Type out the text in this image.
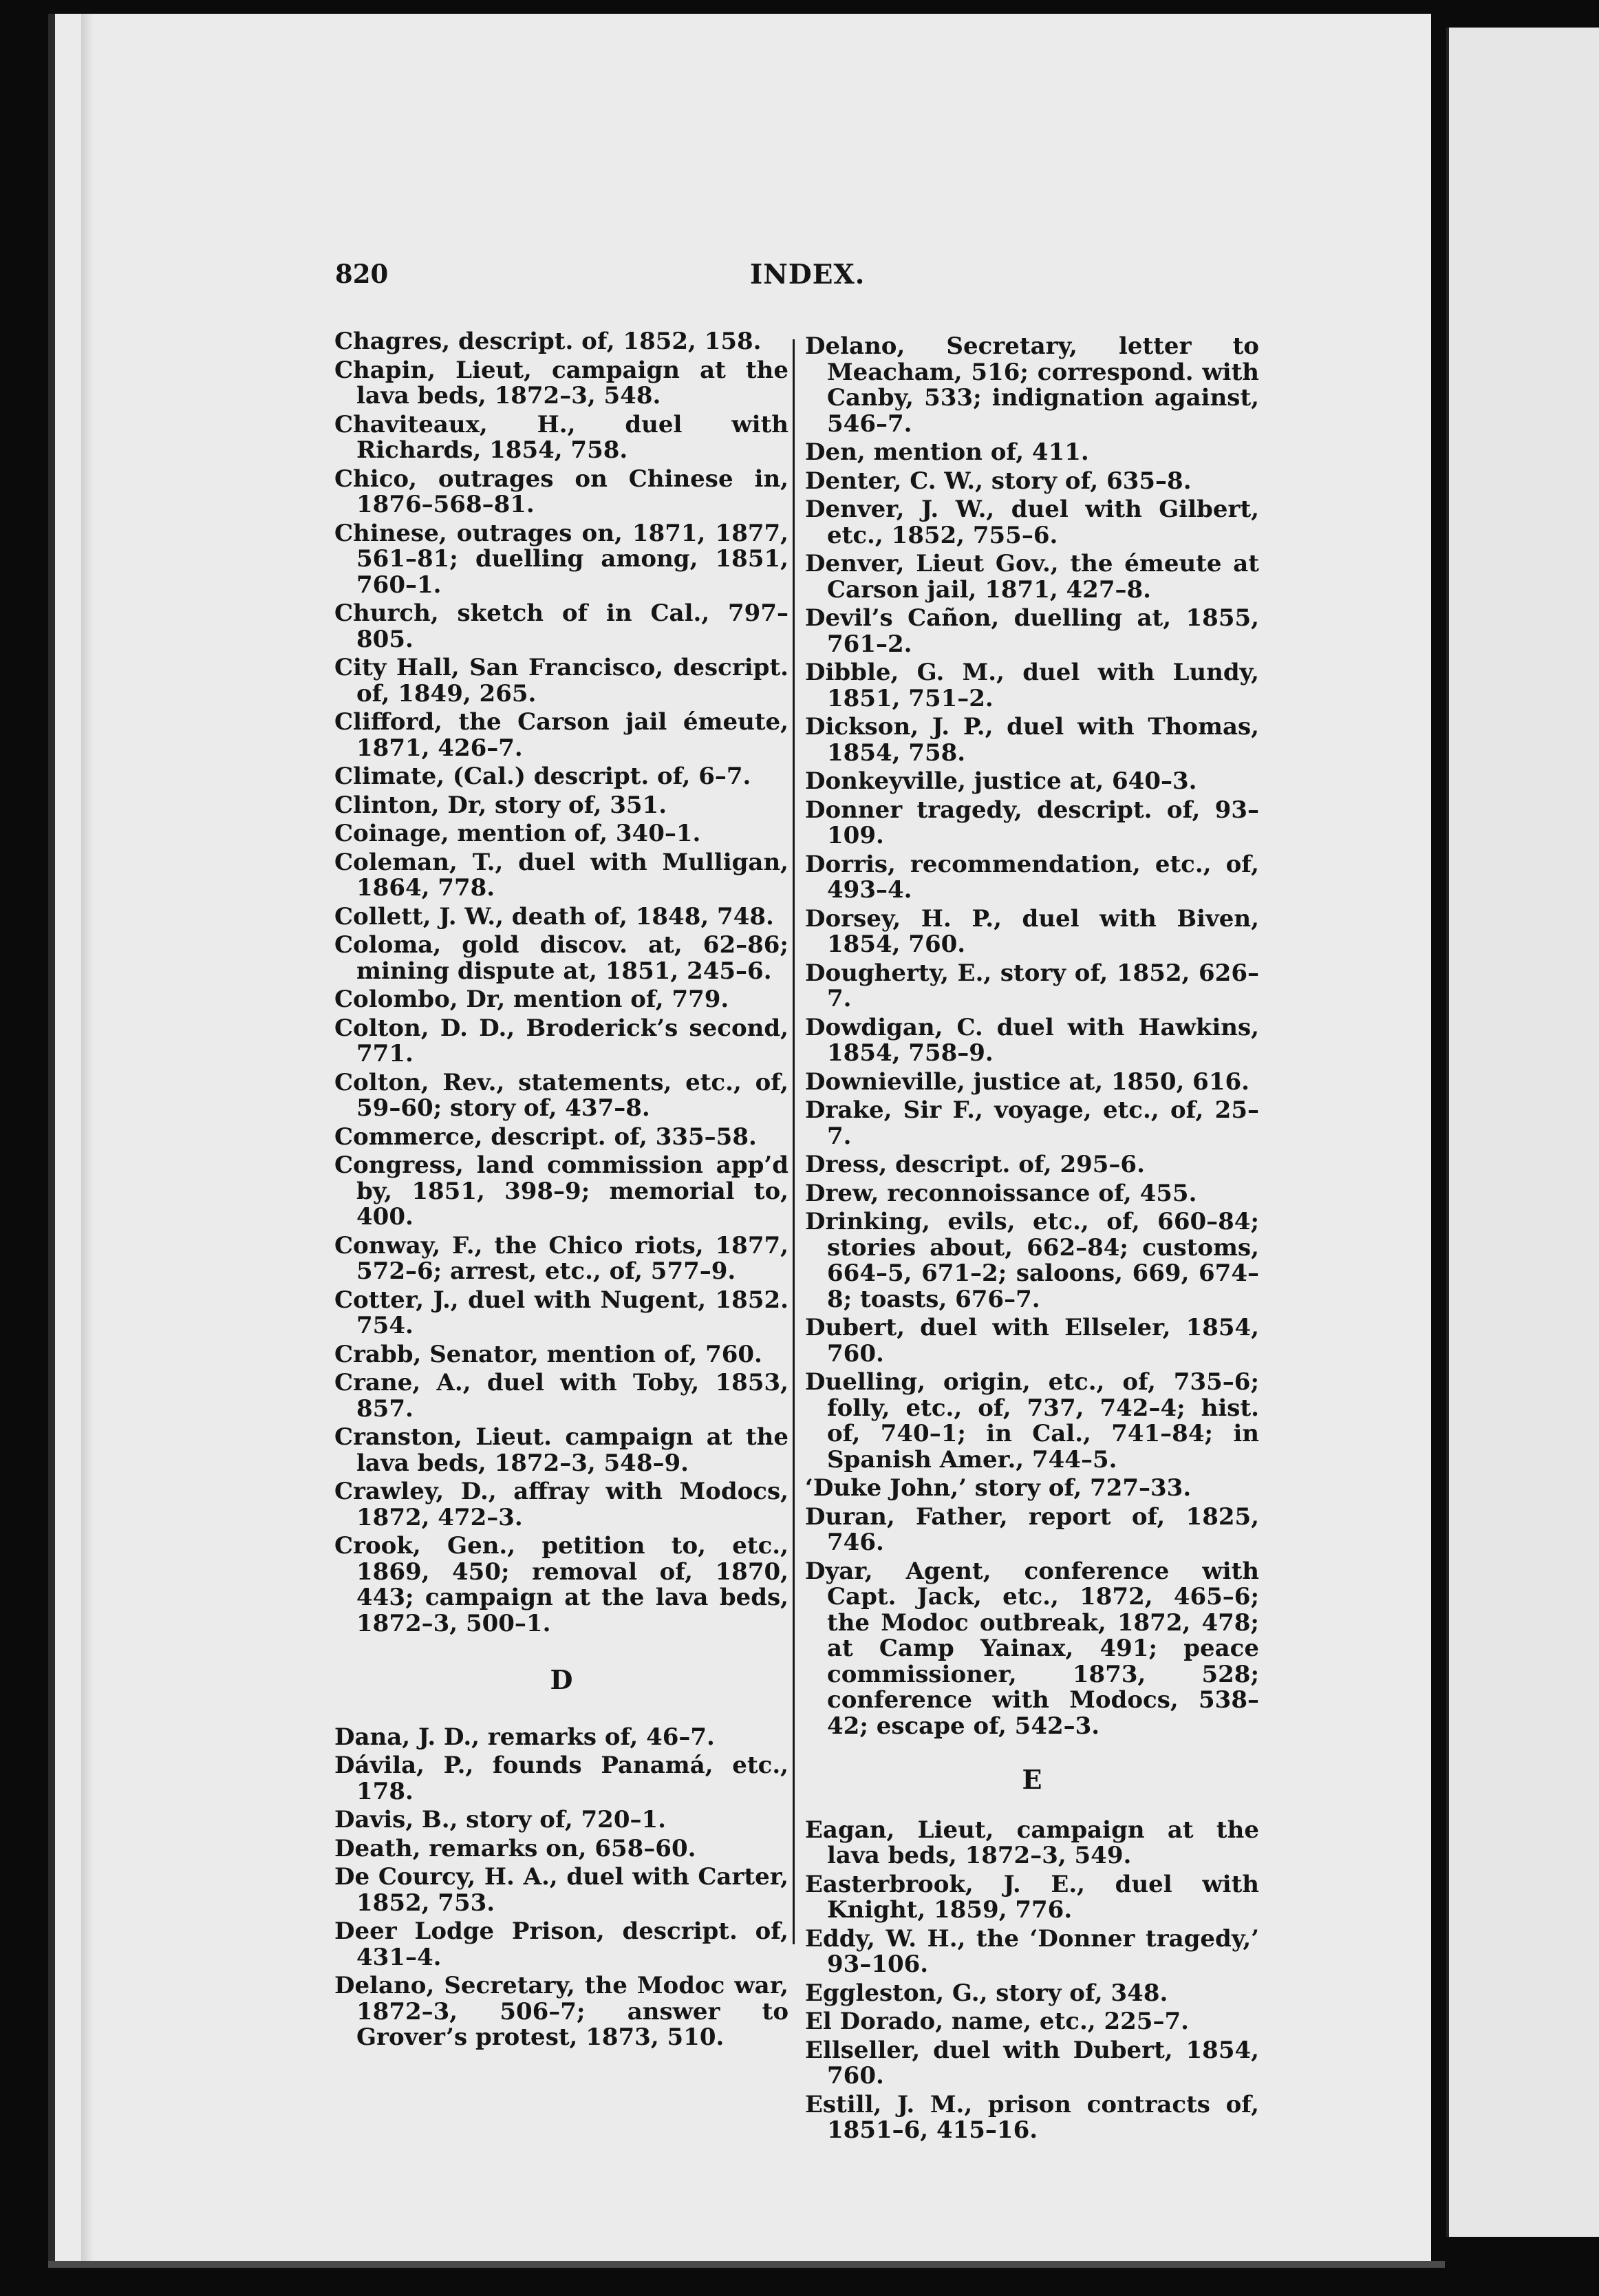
820	INDEX.
Chagres, descript. of, 1852, 158.
Chapin, Lieut, campaign at the lava beds, 1872–3, 548.
Chaviteaux, H., duel with Richards, 1854, 758.
Chico, outrages on Chinese in, 1876–568–81.
Chinese, outrages on, 1871, 1877, 561–81; duelling among, 1851, 760–1.
Church, sketch of in Cal., 797–805.
City Hall, San Francisco, descript. of, 1849, 265.
Clifford, the Carson jail émeute, 1871, 426–7.
Climate, (Cal.) descript. of, 6–7.
Clinton, Dr, story of, 351.
Coinage, mention of, 340–1.
Coleman, T., duel with Mulligan, 1864, 778.
Collett, J. W., death of, 1848, 748.
Coloma, gold discov. at, 62–86; mining dispute at, 1851, 245–6.
Colombo, Dr, mention of, 779.
Colton, D. D., Broderick’s second, 771.
Colton, Rev., statements, etc., of, 59–60; story of, 437–8.
Commerce, descript. of, 335–58.
Congress, land commission app’d by, 1851, 398–9; memorial to, 400.
Conway, F., the Chico riots, 1877, 572–6; arrest, etc., of, 577–9.
Cotter, J., duel with Nugent, 1852. 754.
Crabb, Senator, mention of, 760.
Crane, A., duel with Toby, 1853, 857.
Cranston, Lieut. campaign at the lava beds, 1872–3, 548–9.
Crawley, D., affray with Modocs, 1872, 472–3.
Crook, Gen., petition to, etc., 1869, 450; removal of, 1870, 443; campaign at the lava beds, 1872–3, 500–1.
D
Dana, J. D., remarks of, 46–7.
Dávila, P., founds Panamá, etc., 178.
Davis, B., story of, 720–1.
Death, remarks on, 658–60.
De Courcy, H. A., duel with Carter, 1852, 753.
Deer Lodge Prison, descript. of, 431–4.
Delano, Secretary, the Modoc war, 1872–3, 506–7; answer to Grover’s protest, 1873, 510.
Delano, Secretary, letter to Meacham, 516; correspond. with Canby, 533; indignation against, 546–7.
Den, mention of, 411.
Denter, C. W., story of, 635–8.
Denver, J. W., duel with Gilbert, etc., 1852, 755–6.
Denver, Lieut Gov., the émeute at Carson jail, 1871, 427–8.
Devil’s Cañon, duelling at, 1855, 761–2.
Dibble, G. M., duel with Lundy, 1851, 751–2.
Dickson, J. P., duel with Thomas, 1854, 758.
Donkeyville, justice at, 640–3.
Donner tragedy, descript. of, 93–109.
Dorris, recommendation, etc., of, 493–4.
Dorsey, H. P., duel with Biven, 1854, 760.
Dougherty, E., story of, 1852, 626–7.
Dowdigan, C. duel with Hawkins, 1854, 758–9.
Downieville, justice at, 1850, 616.
Drake, Sir F., voyage, etc., of, 25–7.
Dress, descript. of, 295–6.
Drew, reconnoissance of, 455.
Drinking, evils, etc., of, 660–84; stories about, 662–84; customs, 664–5, 671–2; saloons, 669, 674–8; toasts, 676–7.
Dubert, duel with Ellseler, 1854, 760.
Duelling, origin, etc., of, 735–6; folly, etc., of, 737, 742–4; hist. of, 740–1; in Cal., 741–84; in Spanish Amer., 744–5.
‘Duke John,’ story of, 727–33.
Duran, Father, report of, 1825, 746.
Dyar, Agent, conference with Capt. Jack, etc., 1872, 465–6; the Modoc outbreak, 1872, 478; at Camp Yainax, 491; peace commissioner, 1873, 528; conference with Modocs, 538–42; escape of, 542–3.
E
Eagan, Lieut, campaign at the lava beds, 1872–3, 549.
Easterbrook, J. E., duel with Knight, 1859, 776.
Eddy, W. H., the ‘Donner tragedy,’ 93–106.
Eggleston, G., story of, 348.
El Dorado, name, etc., 225–7.
Ellseller, duel with Dubert, 1854, 760.
Estill, J. M., prison contracts of, 1851–6, 415–16.
